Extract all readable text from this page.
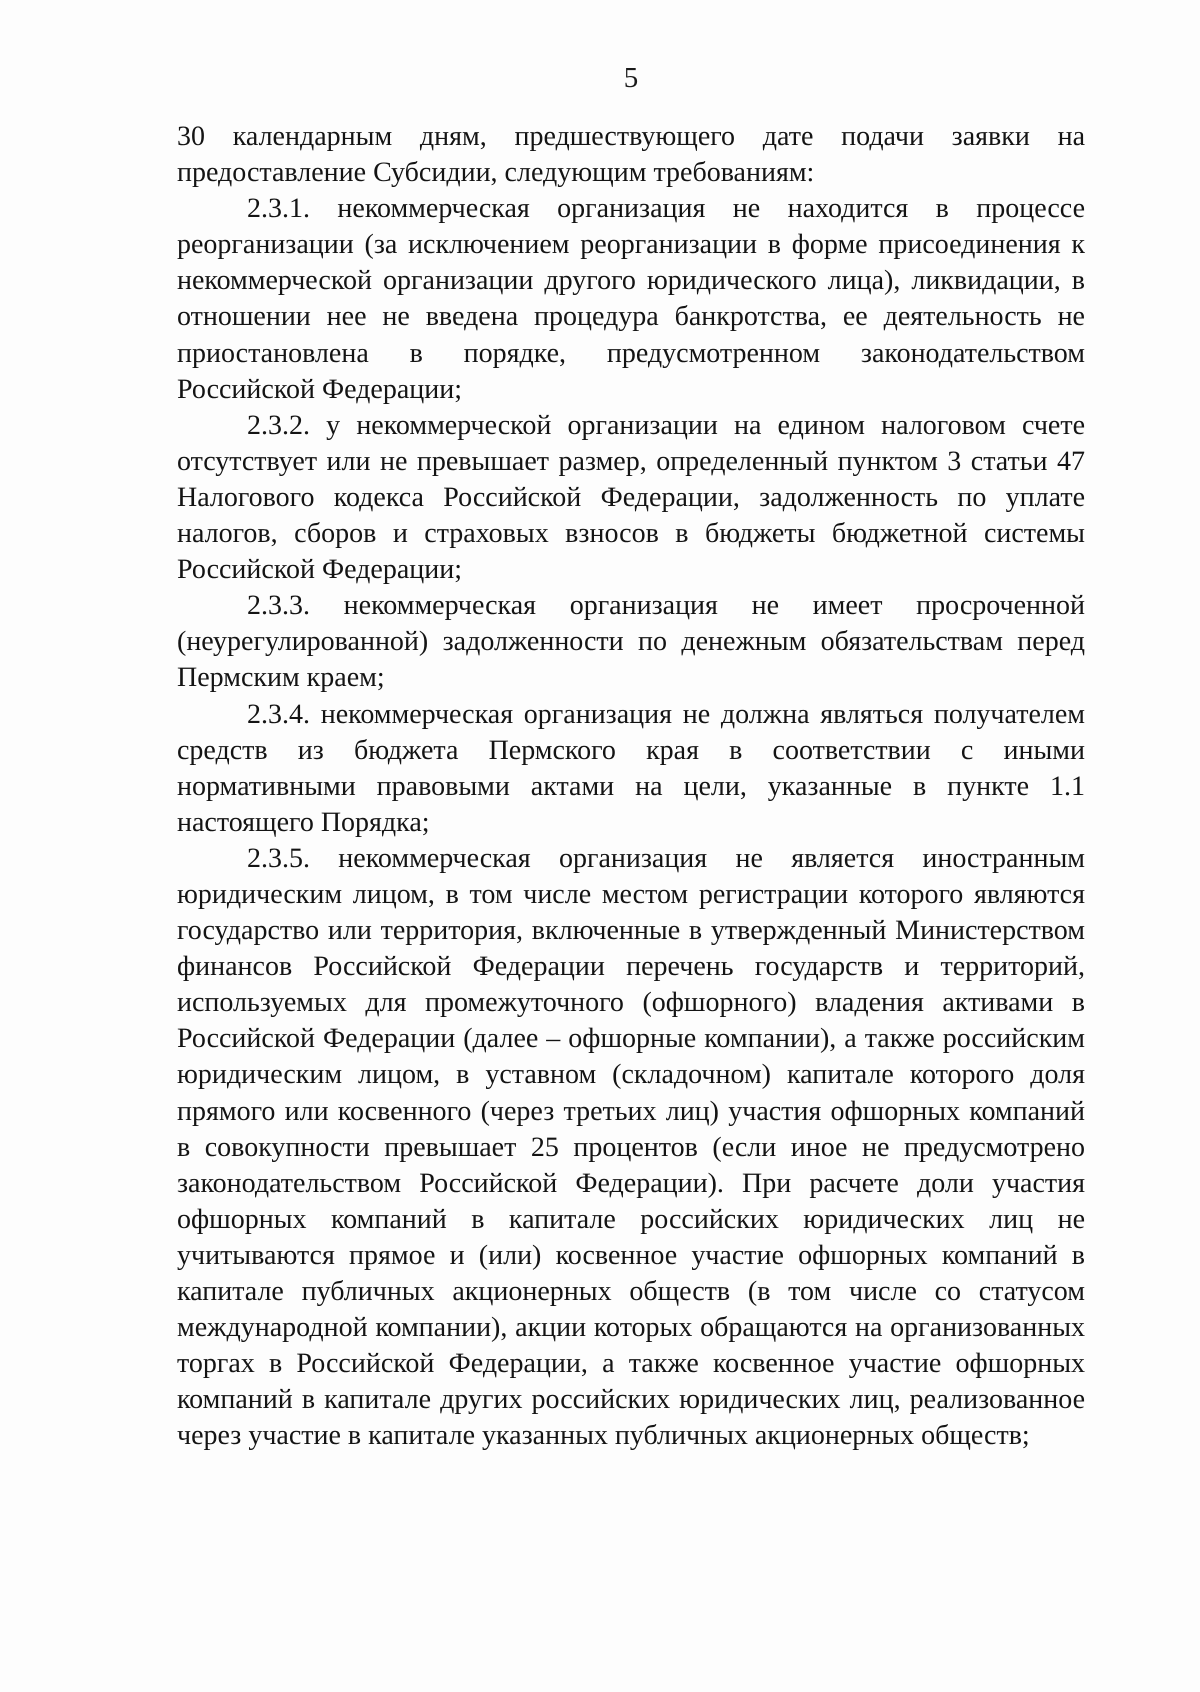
5

30 календарным дням, предшествующего дате подачи заявки на предоставление Субсидии, следующим требованиям:

2.3.1. некоммерческая организация не находится в процессе реорганизации (за исключением реорганизации в форме присоединения к некоммерческой организации другого юридического лица), ликвидации, в отношении нее не введена процедура банкротства, ее деятельность не приостановлена в порядке, предусмотренном законодательством Российской Федерации;

2.3.2. у некоммерческой организации на едином налоговом счете отсутствует или не превышает размер, определенный пунктом 3 статьи 47 Налогового кодекса Российской Федерации, задолженность по уплате налогов, сборов и страховых взносов в бюджеты бюджетной системы Российской Федерации;

2.3.3. некоммерческая организация не имеет просроченной (неурегулированной) задолженности по денежным обязательствам перед Пермским краем;

2.3.4. некоммерческая организация не должна являться получателем средств из бюджета Пермского края в соответствии с иными нормативными правовыми актами на цели, указанные в пункте 1.1 настоящего Порядка;

2.3.5. некоммерческая организация не является иностранным юридическим лицом, в том числе местом регистрации которого являются государство или территория, включенные в утвержденный Министерством финансов Российской Федерации перечень государств и территорий, используемых для промежуточного (офшорного) владения активами в Российской Федерации (далее – офшорные компании), а также российским юридическим лицом, в уставном (складочном) капитале которого доля прямого или косвенного (через третьих лиц) участия офшорных компаний в совокупности превышает 25 процентов (если иное не предусмотрено законодательством Российской Федерации). При расчете доли участия офшорных компаний в капитале российских юридических лиц не учитываются прямое и (или) косвенное участие офшорных компаний в капитале публичных акционерных обществ (в том числе со статусом международной компании), акции которых обращаются на организованных торгах в Российской Федерации, а также косвенное участие офшорных компаний в капитале других российских юридических лиц, реализованное через участие в капитале указанных публичных акционерных обществ;
